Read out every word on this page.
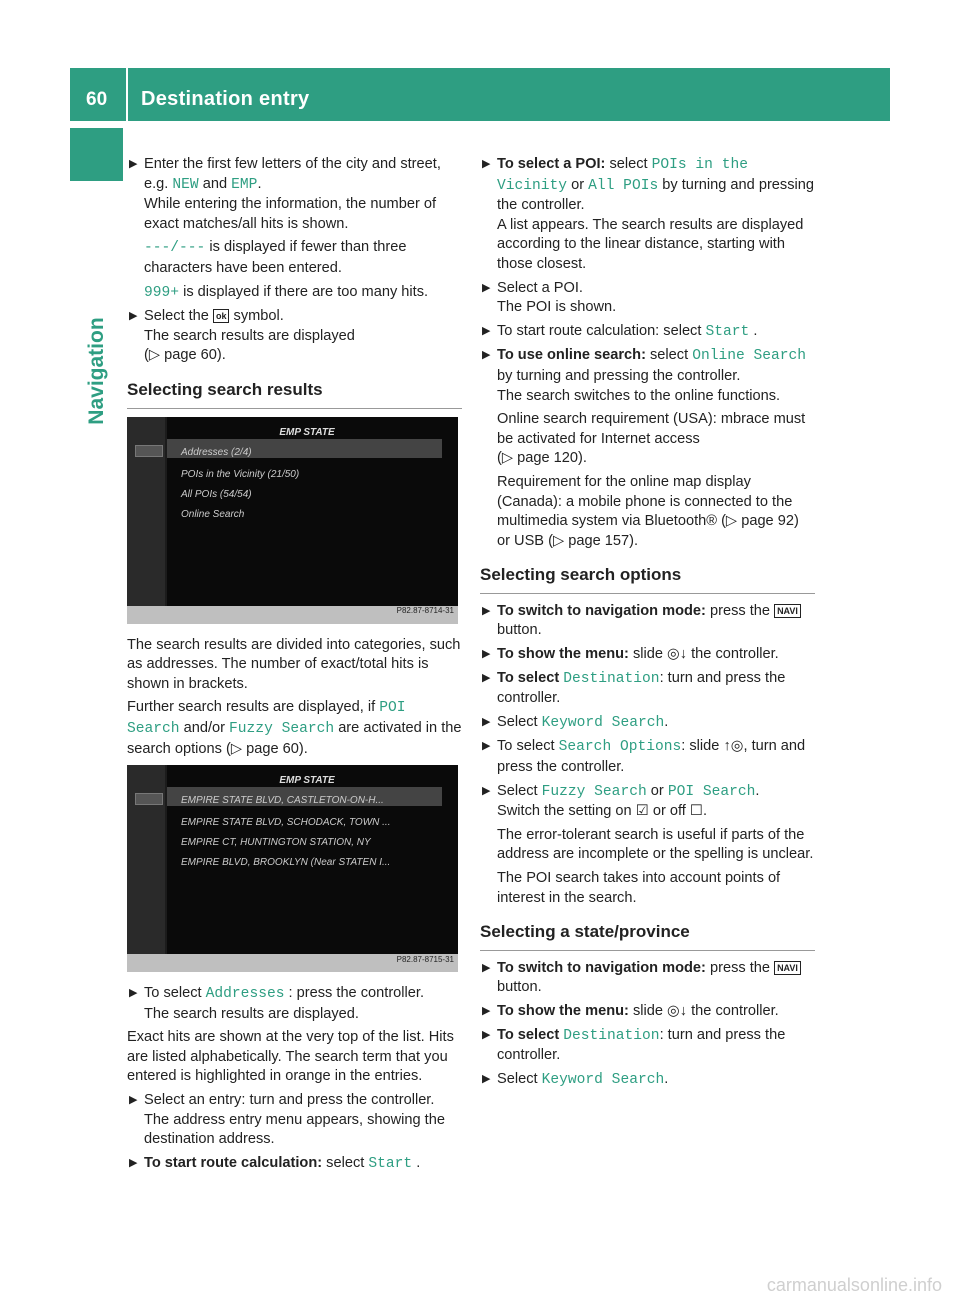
60 Destination entry
Navigation
▶ Enter the first few letters of the city and street, e.g. NEW and EMP.

While entering the information, the number of exact matches/all hits is shown.

---/--- is displayed if fewer than three characters have been entered.
999+ is displayed if there are too many hits.
▶ Select the ok symbol.

The search results are displayed

(▷ page 60).

Selecting search results
EMP STATE
Addresses (2/4)
POIs in the Vicinity (21/50)
All POIs (54/54)
Online Search
P82.87-8714-31

The search results are divided into categories, such as addresses. The number of exact/total hits is shown in brackets.

Further search results are displayed, if POI Search and/or Fuzzy Search are activated in the search options (▷ page 60).

EMP STATE
EMPIRE STATE BLVD, CASTLETON-ON-H...
EMPIRE STATE BLVD, SCHODACK, TOWN ...
EMPIRE CT, HUNTINGTON STATION, NY
EMPIRE BLVD, BROOKLYN (Near STATEN I...
P82.87-8715-31
▶ To select Addresses : press the controller.

The search results are displayed.

Exact hits are shown at the very top of the list. Hits are listed alphabetically. The search term that you entered is highlighted in orange in the entries.

▶ Select an entry: turn and press the controller.

The address entry menu appears, showing the destination address.

▶ To start route calculation: select Start .
▶ To select a POI: select POIs in the Vicinity or All POIs by turning and pressing the controller.

A list appears. The search results are displayed according to the linear distance, starting with those closest.

▶ Select a POI.

The POI is shown.

▶ To start route calculation: select Start .
▶ To use online search: select Online Search by turning and pressing the controller.

The search switches to the online functions.

Online search requirement (USA): mbrace must be activated for Internet access

(▷ page 120).

Requirement for the online map display (Canada): a mobile phone is connected to the multimedia system via Bluetooth® (▷ page 92) or USB (▷ page 157).

Selecting search options
▶ To switch to navigation mode: press the NAVI button.
▶ To show the menu: slide ◎↓ the controller.
▶ To select Destination: turn and press the controller.
▶ Select Keyword Search.
▶ To select Search Options: slide ↑◎, turn and press the controller.
▶ Select Fuzzy Search or POI Search.

Switch the setting on ☑ or off ☐.

The error-tolerant search is useful if parts of the address are incomplete or the spelling is unclear.

The POI search takes into account points of interest in the search.

Selecting a state/province
▶ To switch to navigation mode: press the NAVI button.
▶ To show the menu: slide ◎↓ the controller.
▶ To select Destination: turn and press the controller.
▶ Select Keyword Search.
carmanualsonline.info
